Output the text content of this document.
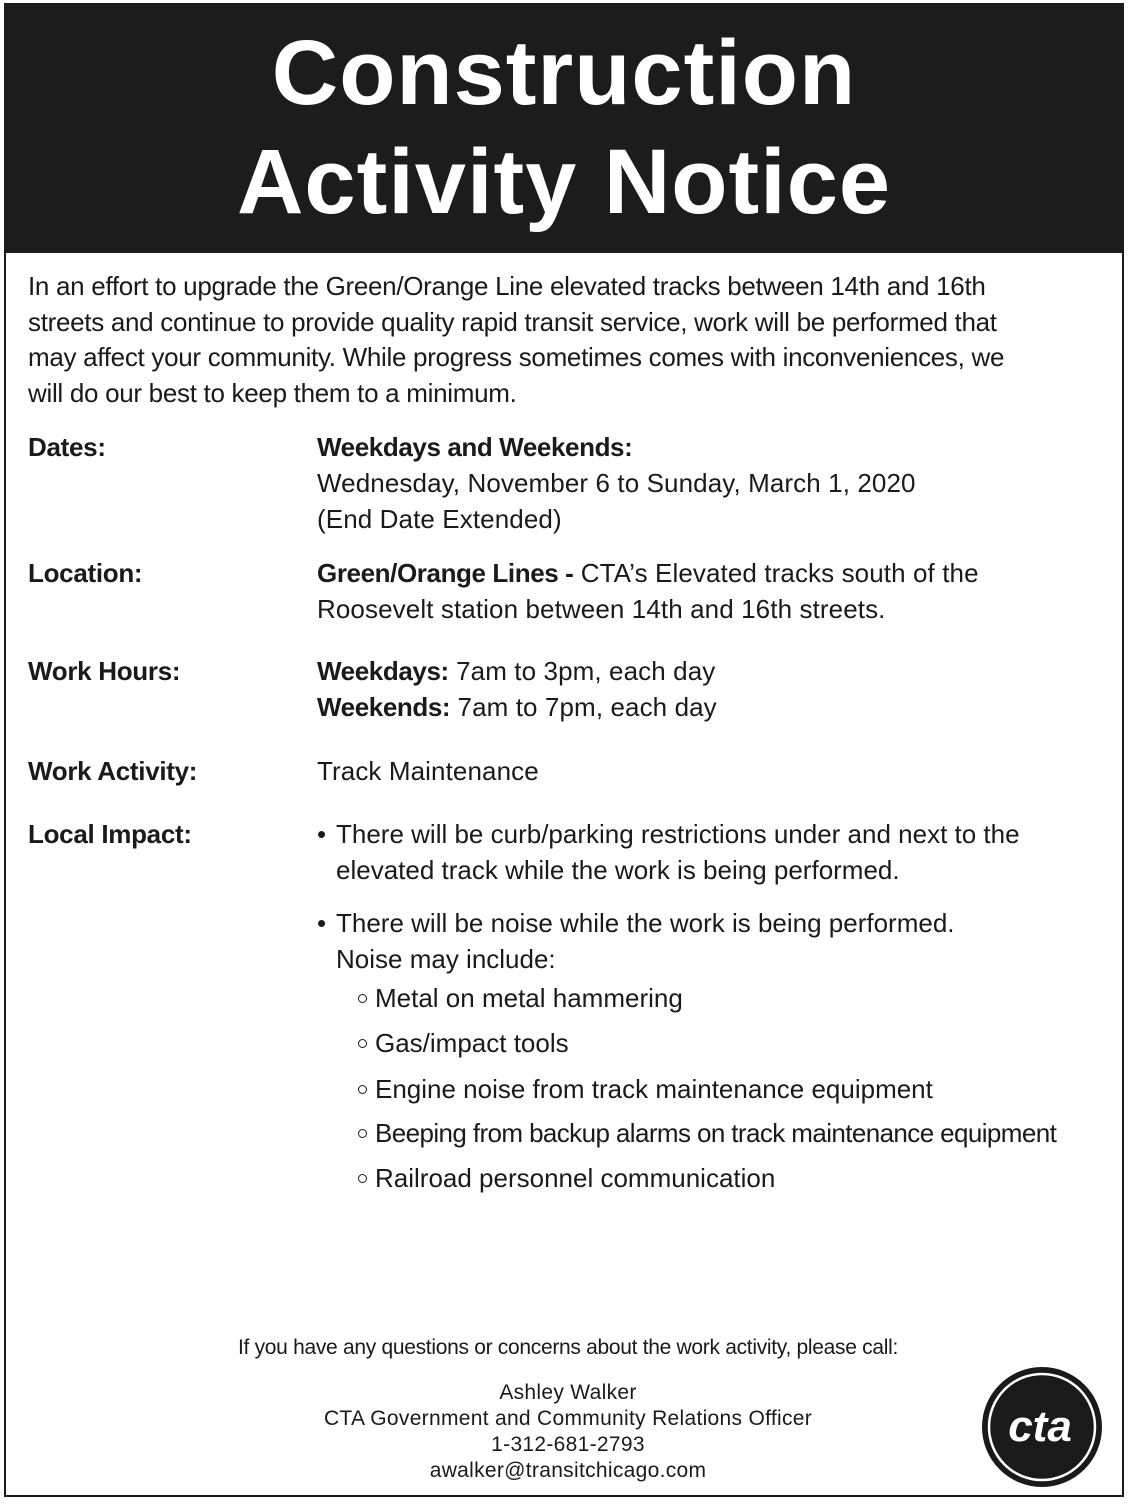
Construction
Activity Notice
In an effort to upgrade the Green/Orange Line elevated tracks between 14th and 16th
streets and continue to provide quality rapid transit service, work will be performed that
may affect your community. While progress sometimes comes with inconveniences, we
will do our best to keep them to a minimum.
Dates:	Weekdays and Weekends:
Wednesday, November 6 to Sunday, March 1, 2020
(End Date Extended)
Location:	Green/Orange Lines - CTA’s Elevated tracks south of the
Roosevelt station between 14th and 16th streets.
Work Hours:	Weekdays: 7am to 3pm, each day
Weekends: 7am to 7pm, each day
Work Activity:	Track Maintenance
Local Impact:	• There will be curb/parking restrictions under and next to the
elevated track while the work is being performed.
• There will be noise while the work is being performed.
Noise may include:
Metal on metal hammering
Gas/impact tools
Engine noise from track maintenance equipment
Beeping from backup alarms on track maintenance equipment
Railroad personnel communication
If you have any questions or concerns about the work activity, please call:
Ashley Walker
CTA Government and Community Relations Officer
1-312-681-2793
awalker@transitchicago.com
cta
